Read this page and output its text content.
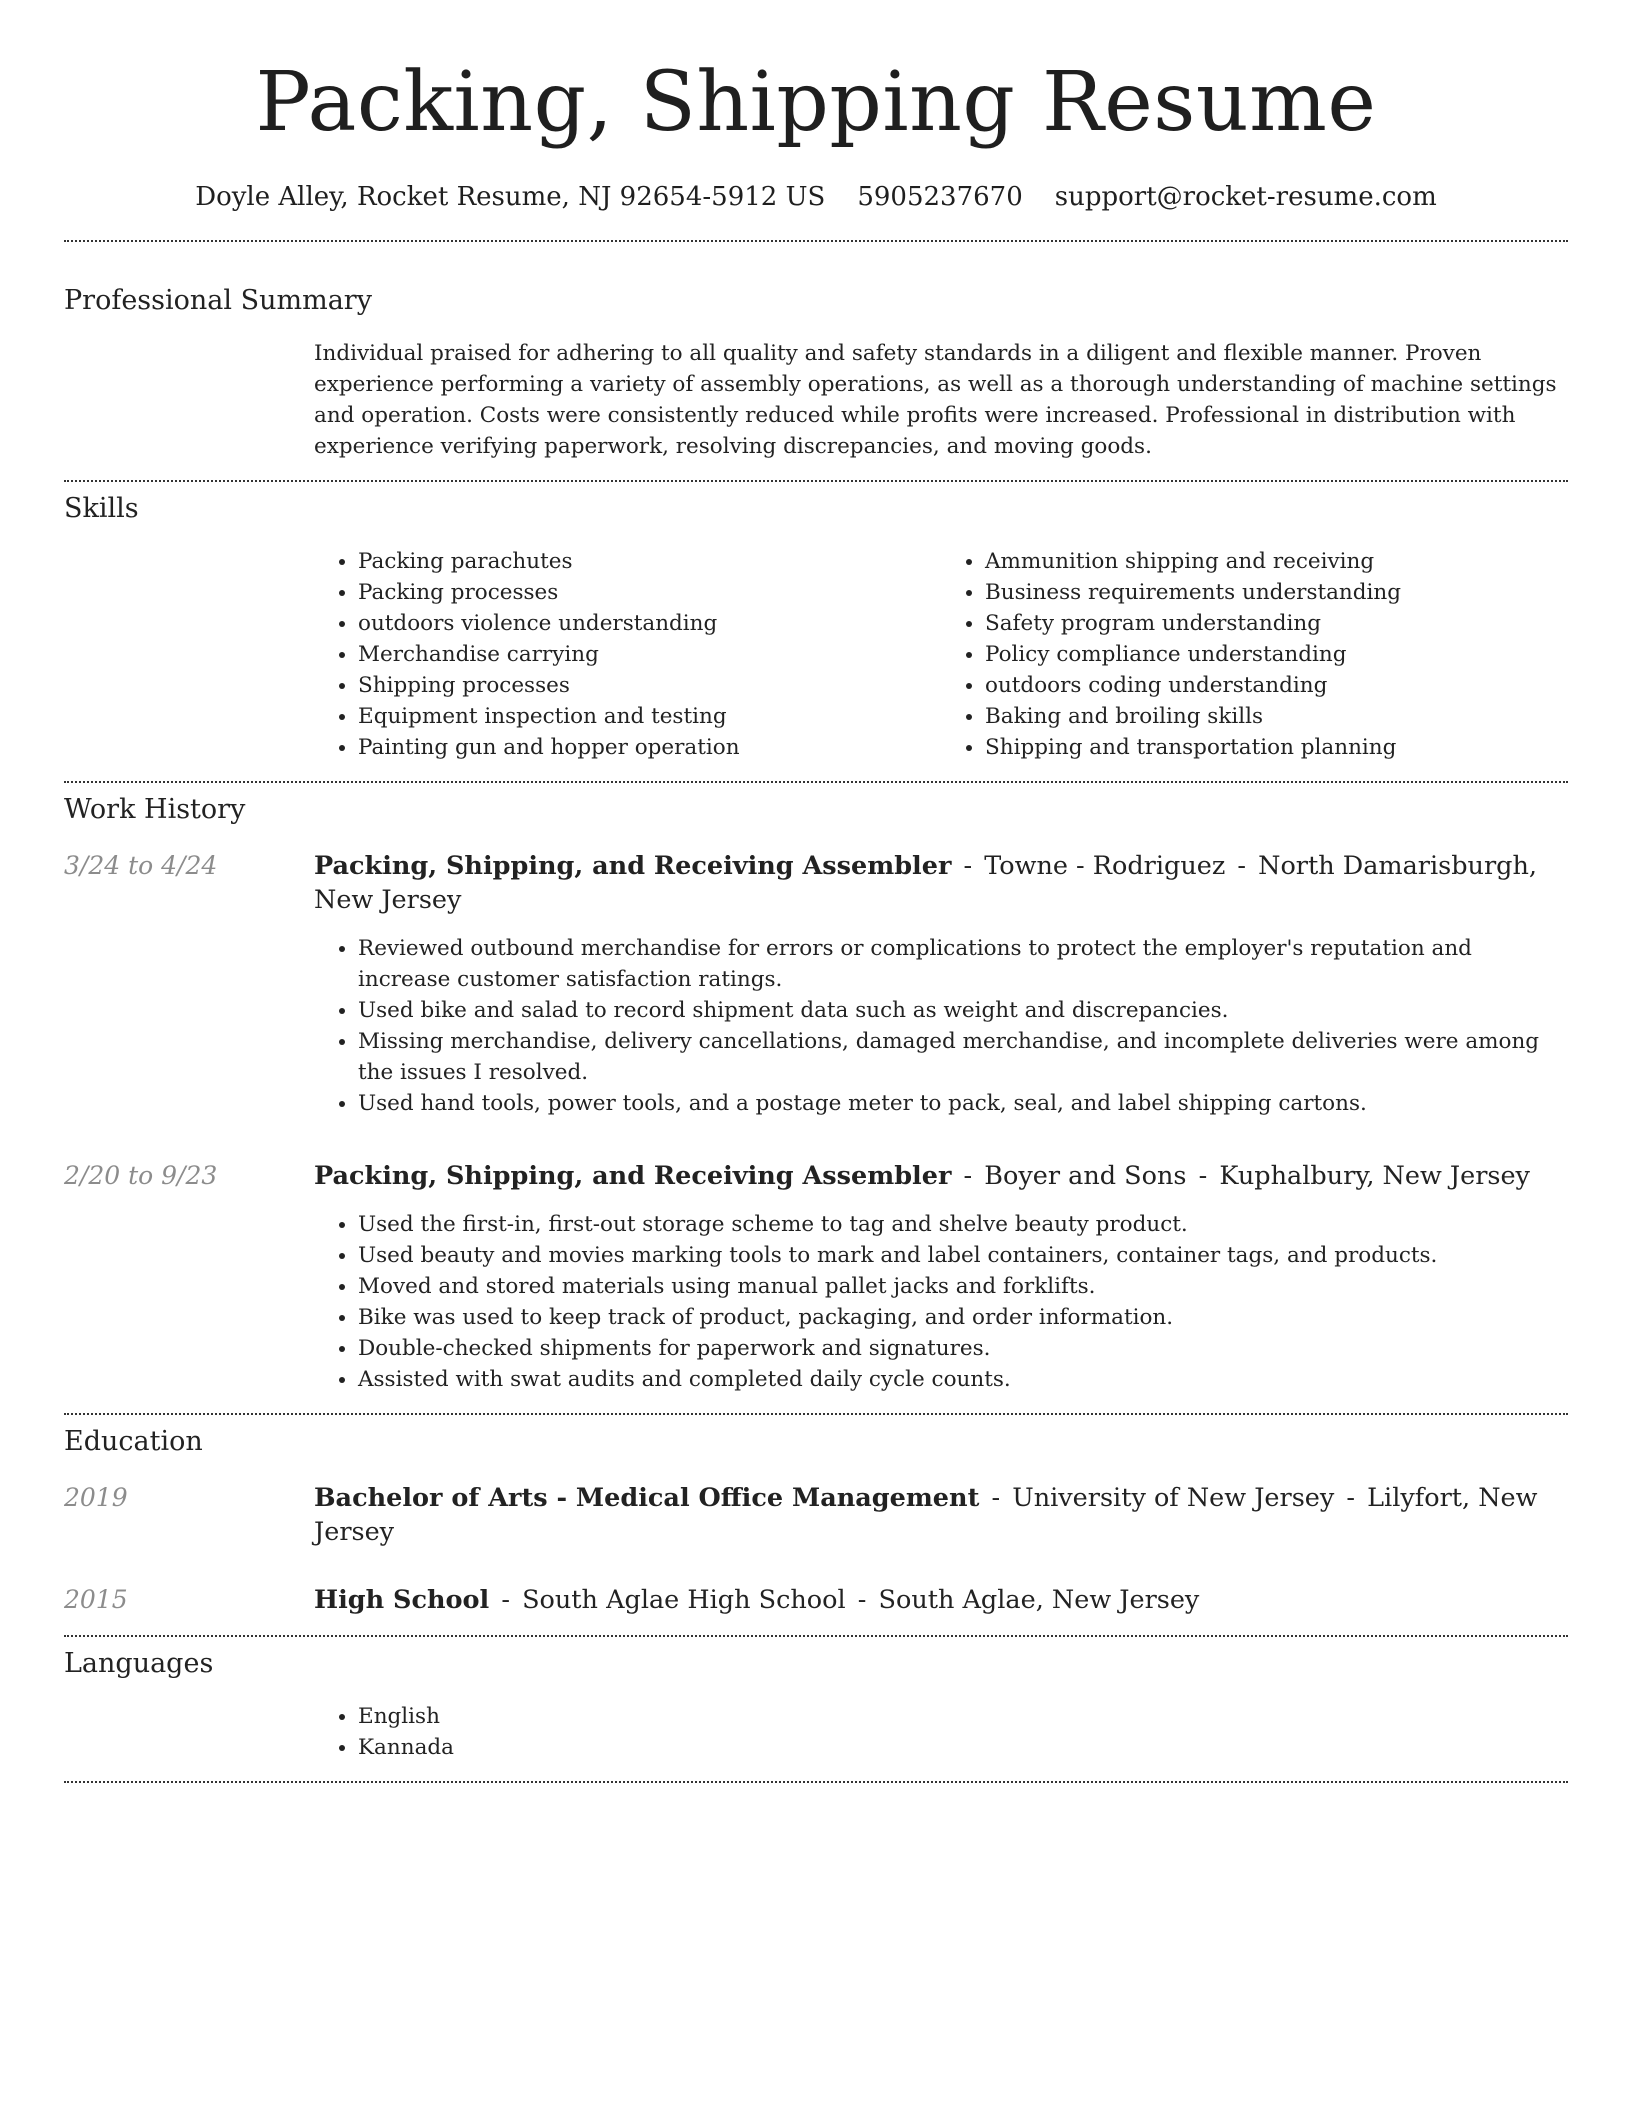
Packing, Shipping Resume
Doyle Alley, Rocket Resume, NJ 92654-5912 US 5905237670 support@rocket-resume.com
Professional Summary

Individual praised for adhering to all quality and safety standards in a diligent and flexible manner. Proven experience performing a variety of assembly operations, as well as a thorough understanding of machine settings and operation. Costs were consistently reduced while profits were increased. Professional in distribution with experience verifying paperwork, resolving discrepancies, and moving goods.

Skills
• Packing parachutes
• Packing processes
• outdoors violence understanding
• Merchandise carrying
• Shipping processes
• Equipment inspection and testing
• Painting gun and hopper operation
• Ammunition shipping and receiving
• Business requirements understanding
• Safety program understanding
• Policy compliance understanding
• outdoors coding understanding
• Baking and broiling skills
• Shipping and transportation planning
Work History
3/24 to 4/24	Packing, Shipping, and Receiving Assembler - Towne - Rodriguez - North Damarisburgh, New Jersey
• Reviewed outbound merchandise for errors or complications to protect the employer's reputation and increase customer satisfaction ratings.
• Used bike and salad to record shipment data such as weight and discrepancies.
• Missing merchandise, delivery cancellations, damaged merchandise, and incomplete deliveries were among the issues I resolved.
• Used hand tools, power tools, and a postage meter to pack, seal, and label shipping cartons.
2/20 to 9/23	Packing, Shipping, and Receiving Assembler - Boyer and Sons - Kuphalbury, New Jersey
• Used the first-in, first-out storage scheme to tag and shelve beauty product.
• Used beauty and movies marking tools to mark and label containers, container tags, and products.
• Moved and stored materials using manual pallet jacks and forklifts.
• Bike was used to keep track of product, packaging, and order information.
• Double-checked shipments for paperwork and signatures.
• Assisted with swat audits and completed daily cycle counts.
Education
2019	Bachelor of Arts - Medical Office Management - University of New Jersey - Lilyfort, New Jersey
2015	High School - South Aglae High School - South Aglae, New Jersey
Languages
• English
• Kannada
